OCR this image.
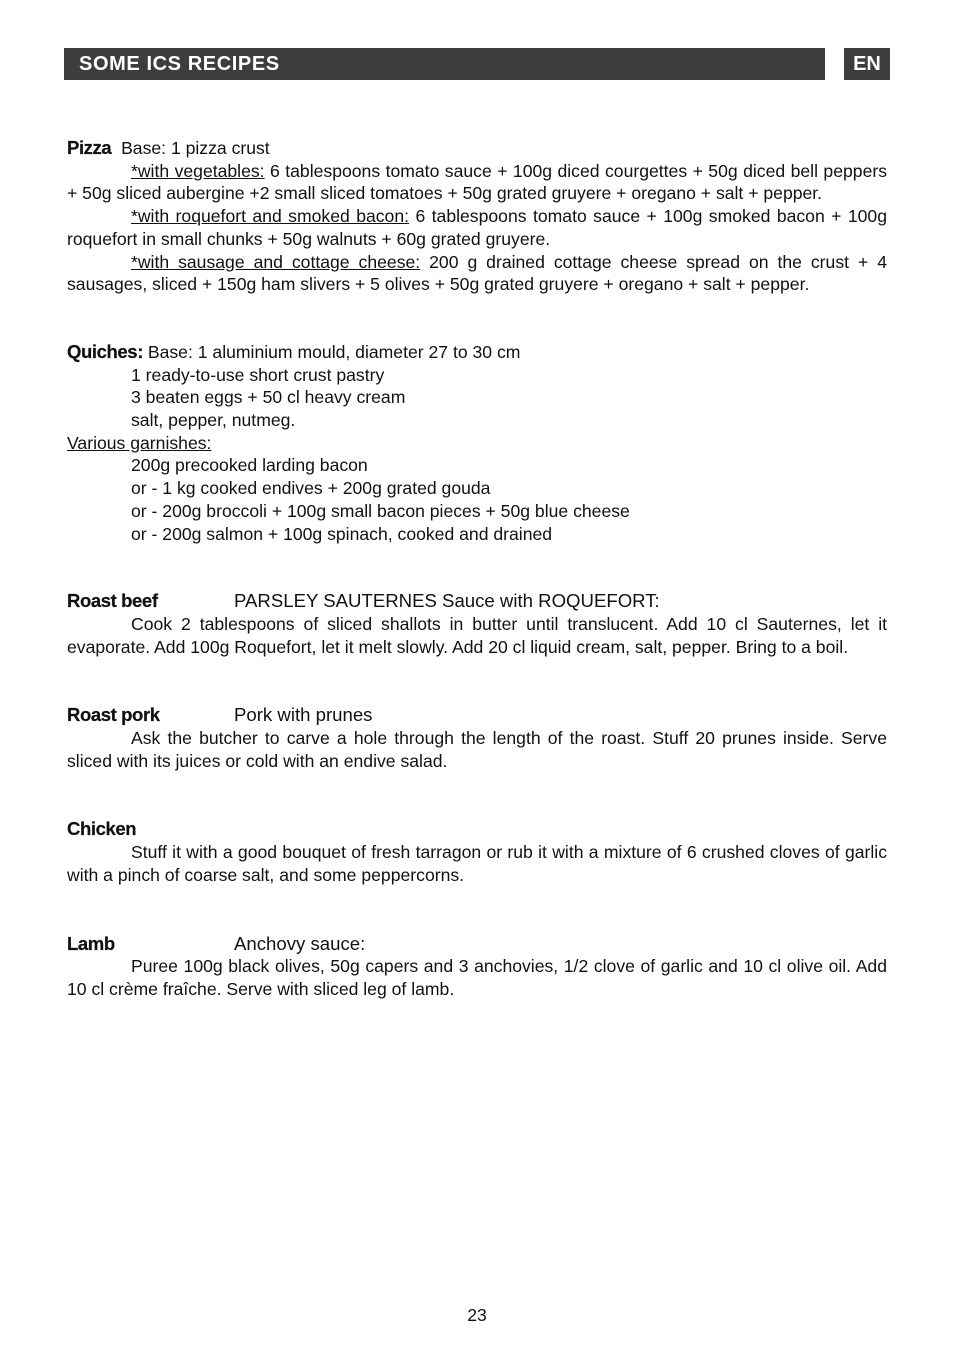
SOME ICS RECIPES	EN

Pizza Base: 1 pizza crust

*with vegetables: 6 tablespoons tomato sauce + 100g diced courgettes + 50g diced bell peppers + 50g sliced aubergine +2 small sliced tomatoes + 50g grated gruyere + oregano + salt + pepper.

*with roquefort and smoked bacon: 6 tablespoons tomato sauce + 100g smoked bacon + 100g roquefort in small chunks + 50g walnuts + 60g grated gruyere.

*with sausage and cottage cheese: 200 g drained cottage cheese spread on the crust + 4 sausages, sliced + 150g ham slivers + 5 olives + 50g grated gruyere + oregano + salt + pepper.

Quiches: Base: 1 aluminium mould, diameter 27 to 30 cm

1 ready-to-use short crust pastry

3 beaten eggs + 50 cl heavy cream

salt, pepper, nutmeg.

Various garnishes:

200g precooked larding bacon

or - 1 kg cooked endives + 200g grated gouda

or - 200g broccoli + 100g small bacon pieces + 50g blue cheese

or - 200g salmon + 100g spinach, cooked and drained

Roast beef	PARSLEY SAUTERNES Sauce with ROQUEFORT:

Cook 2 tablespoons of sliced shallots in butter until translucent. Add 10 cl Sauternes, let it evaporate. Add 100g Roquefort, let it melt slowly. Add 20 cl liquid cream, salt, pepper. Bring to a boil.

Roast pork	Pork with prunes

Ask the butcher to carve a hole through the length of the roast. Stuff 20 prunes inside. Serve sliced with its juices or cold with an endive salad.

Chicken

Stuff it with a good bouquet of fresh tarragon or rub it with a mixture of 6 crushed cloves of garlic with a pinch of coarse salt, and some peppercorns.

Lamb	Anchovy sauce:

Puree 100g black olives, 50g capers and 3 anchovies, 1/2 clove of garlic and 10 cl olive oil. Add 10 cl crème fraîche. Serve with sliced leg of lamb.

23
